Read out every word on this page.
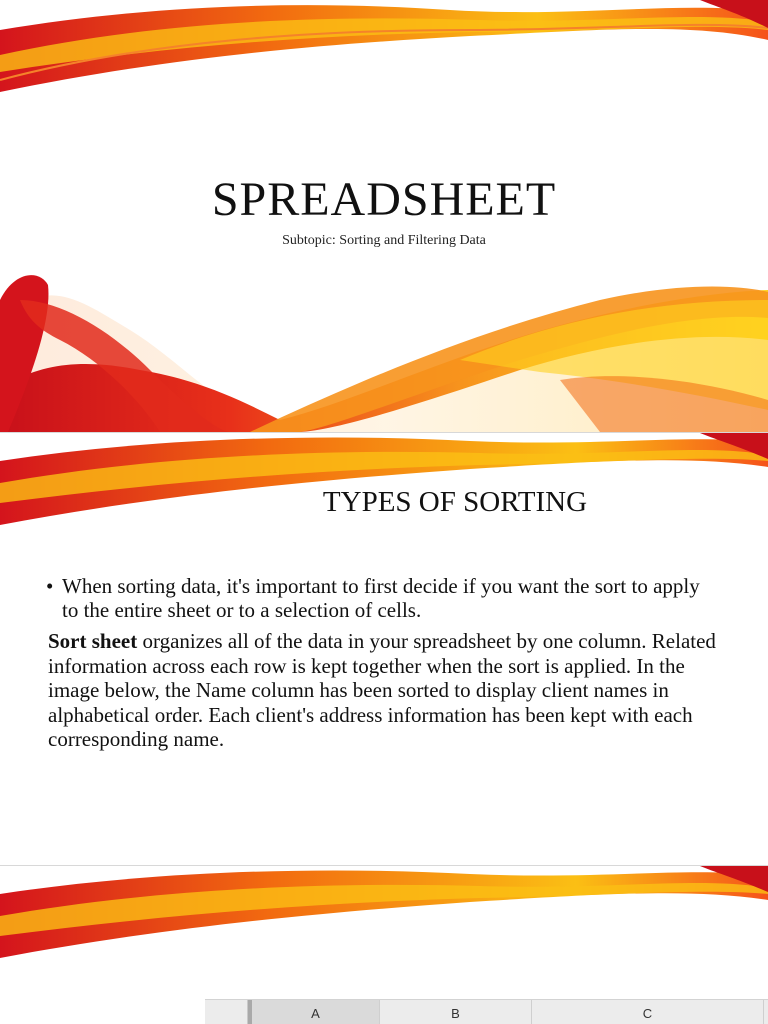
SPREADSHEET
Subtopic: Sorting and Filtering Data
TYPES OF SORTING
• When sorting data, it's important to first decide if you want the sort to apply to the entire sheet or to a selection of cells.
Sort sheet organizes all of the data in your spreadsheet by one column. Related information across each row is kept together when the sort is applied. In the image below, the Name column has been sorted to display client names in alphabetical order. Each client's address information has been kept with each corresponding name.
A	B	C
